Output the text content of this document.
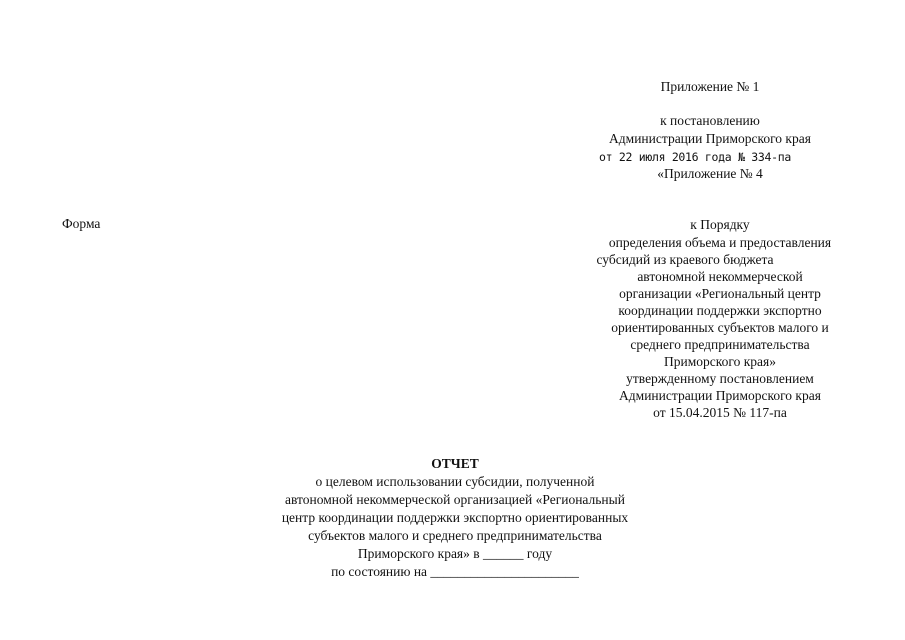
Приложение № 1
к постановлению
Администрации Приморского края
от 22 июля 2016 года № 334-па
«Приложение № 4
Форма	к Порядку
определения объема и предоставления
субсидий из краевого бюджета
автономной некоммерческой
организации «Региональный центр
координации поддержки экспортно
ориентированных субъектов малого и
среднего предпринимательства
Приморского края»
утвержденному постановлением
Администрации Приморского края
от 15.04.2015 № 117-па
ОТЧЕТ
о целевом использовании субсидии, полученной
автономной некоммерческой организацией «Региональный
центр координации поддержки экспортно ориентированных
субъектов малого и среднего предпринимательства
Приморского края» в ______ году
по состоянию на ______________________
